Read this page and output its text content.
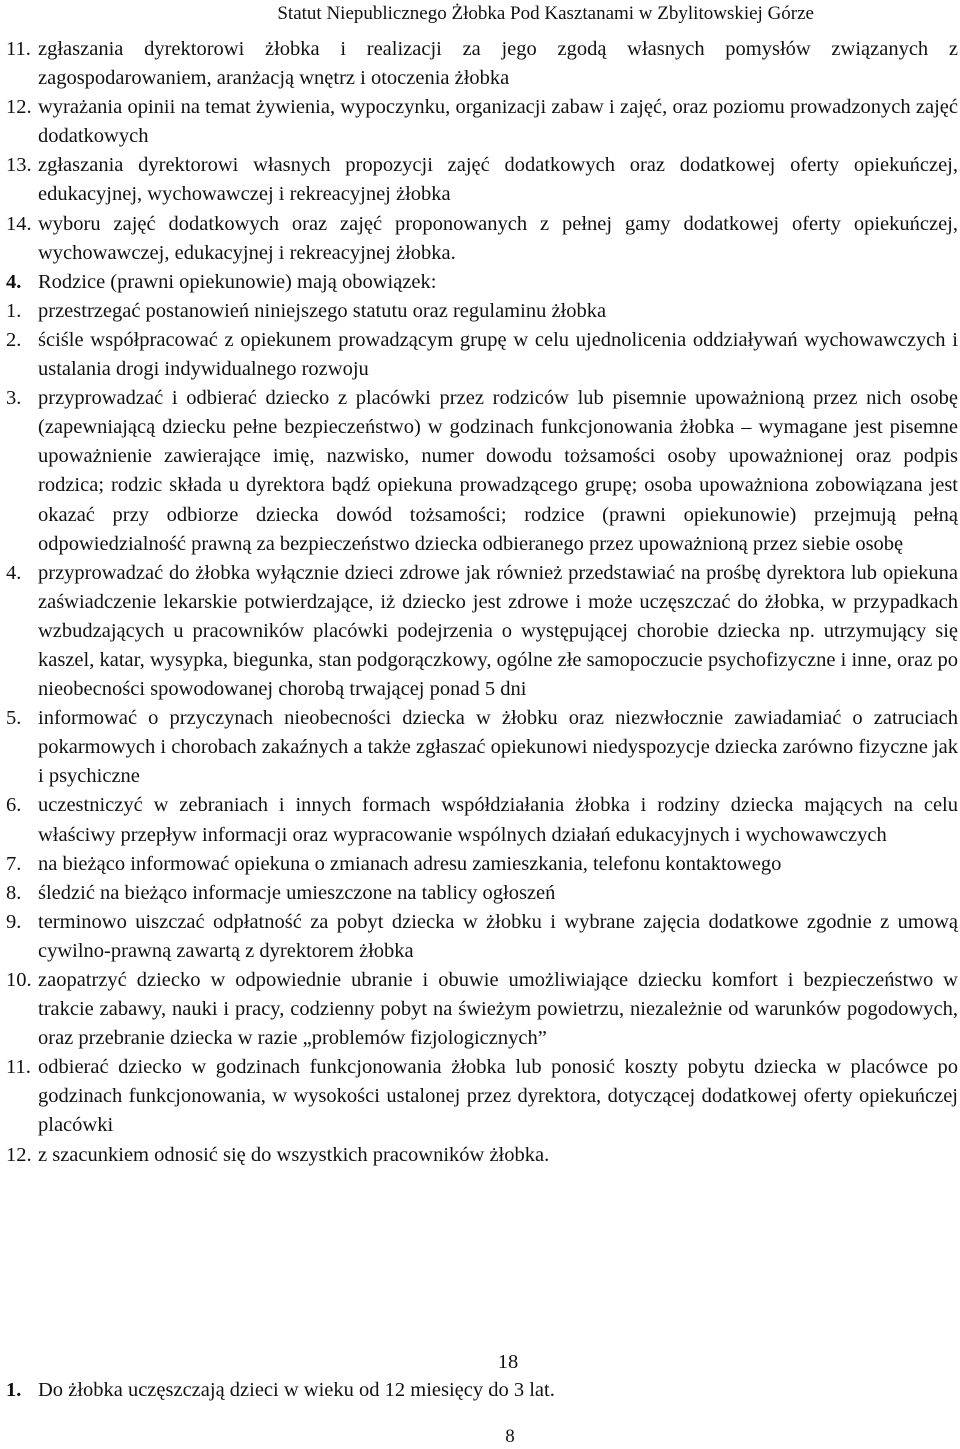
Statut Niepublicznego Żłobka Pod Kasztanami w Zbylitowskiej Górze
11. zgłaszania dyrektorowi żłobka i realizacji za jego zgodą własnych pomysłów związanych z zagospodarowaniem, aranżacją wnętrz i otoczenia żłobka
12. wyrażania opinii na temat żywienia, wypoczynku, organizacji zabaw i zajęć, oraz poziomu prowadzonych zajęć dodatkowych
13. zgłaszania dyrektorowi własnych propozycji zajęć dodatkowych oraz dodatkowej oferty opiekuńczej, edukacyjnej, wychowawczej i rekreacyjnej żłobka
14. wyboru zajęć dodatkowych oraz zajęć proponowanych z pełnej gamy dodatkowej oferty opiekuńczej, wychowawczej, edukacyjnej i rekreacyjnej żłobka.
4. Rodzice (prawni opiekunowie) mają obowiązek:
1. przestrzegać postanowień niniejszego statutu oraz regulaminu żłobka
2. ściśle współpracować z opiekunem prowadzącym grupę w celu ujednolicenia oddziaływań wychowawczych i ustalania drogi indywidualnego rozwoju
3. przyprowadzać i odbierać dziecko z placówki przez rodziców lub pisemnie upoważnioną przez nich osobę (zapewniającą dziecku pełne bezpieczeństwo) w godzinach funkcjonowania żłobka – wymagane jest pisemne upoważnienie zawierające imię, nazwisko, numer dowodu tożsamości osoby upoważnionej oraz podpis rodzica; rodzic składa u dyrektora bądź opiekuna prowadzącego grupę; osoba upoważniona zobowiązana jest okazać przy odbiorze dziecka dowód tożsamości; rodzice (prawni opiekunowie) przejmują pełną odpowiedzialność prawną za bezpieczeństwo dziecka odbieranego przez upoważnioną przez siebie osobę
4. przyprowadzać do żłobka wyłącznie dzieci zdrowe jak również przedstawiać na prośbę dyrektora lub opiekuna zaświadczenie lekarskie potwierdzające, iż dziecko jest zdrowe i może uczęszczać do żłobka, w przypadkach wzbudzających u pracowników placówki podejrzenia o występującej chorobie dziecka np. utrzymujący się kaszel, katar, wysypka, biegunka, stan podgorączkowy, ogólne złe samopoczucie psychofizyczne i inne, oraz po nieobecności spowodowanej chorobą trwającej ponad 5 dni
5. informować o przyczynach nieobecności dziecka w żłobku oraz niezwłocznie zawiadamiać o zatruciach pokarmowych i chorobach zakaźnych a także zgłaszać opiekunowi niedyspozycje dziecka zarówno fizyczne jak i psychiczne
6. uczestniczyć w zebraniach i innych formach współdziałania żłobka i rodziny dziecka mających na celu właściwy przepływ informacji oraz wypracowanie wspólnych działań edukacyjnych i wychowawczych
7. na bieżąco informować opiekuna o zmianach adresu zamieszkania, telefonu kontaktowego
8. śledzić na bieżąco informacje umieszczone na tablicy ogłoszeń
9. terminowo uiszczać odpłatność za pobyt dziecka w żłobku i wybrane zajęcia dodatkowe zgodnie z umową cywilno-prawną zawartą z dyrektorem żłobka
10. zaopatrzyć dziecko w odpowiednie ubranie i obuwie umożliwiające dziecku komfort i bezpieczeństwo w trakcie zabawy, nauki i pracy, codzienny pobyt na świeżym powietrzu, niezależnie od warunków pogodowych, oraz przebranie dziecka w razie „problemów fizjologicznych”
11. odbierać dziecko w godzinach funkcjonowania żłobka lub ponosić koszty pobytu dziecka w placówce po godzinach funkcjonowania, w wysokości ustalonej przez dyrektora, dotyczącej dodatkowej oferty opiekuńczej placówki
12. z szacunkiem odnosić się do wszystkich pracowników żłobka.
18
1. Do żłobka uczęszczają dzieci w wieku od 12 miesięcy do 3 lat.
8
